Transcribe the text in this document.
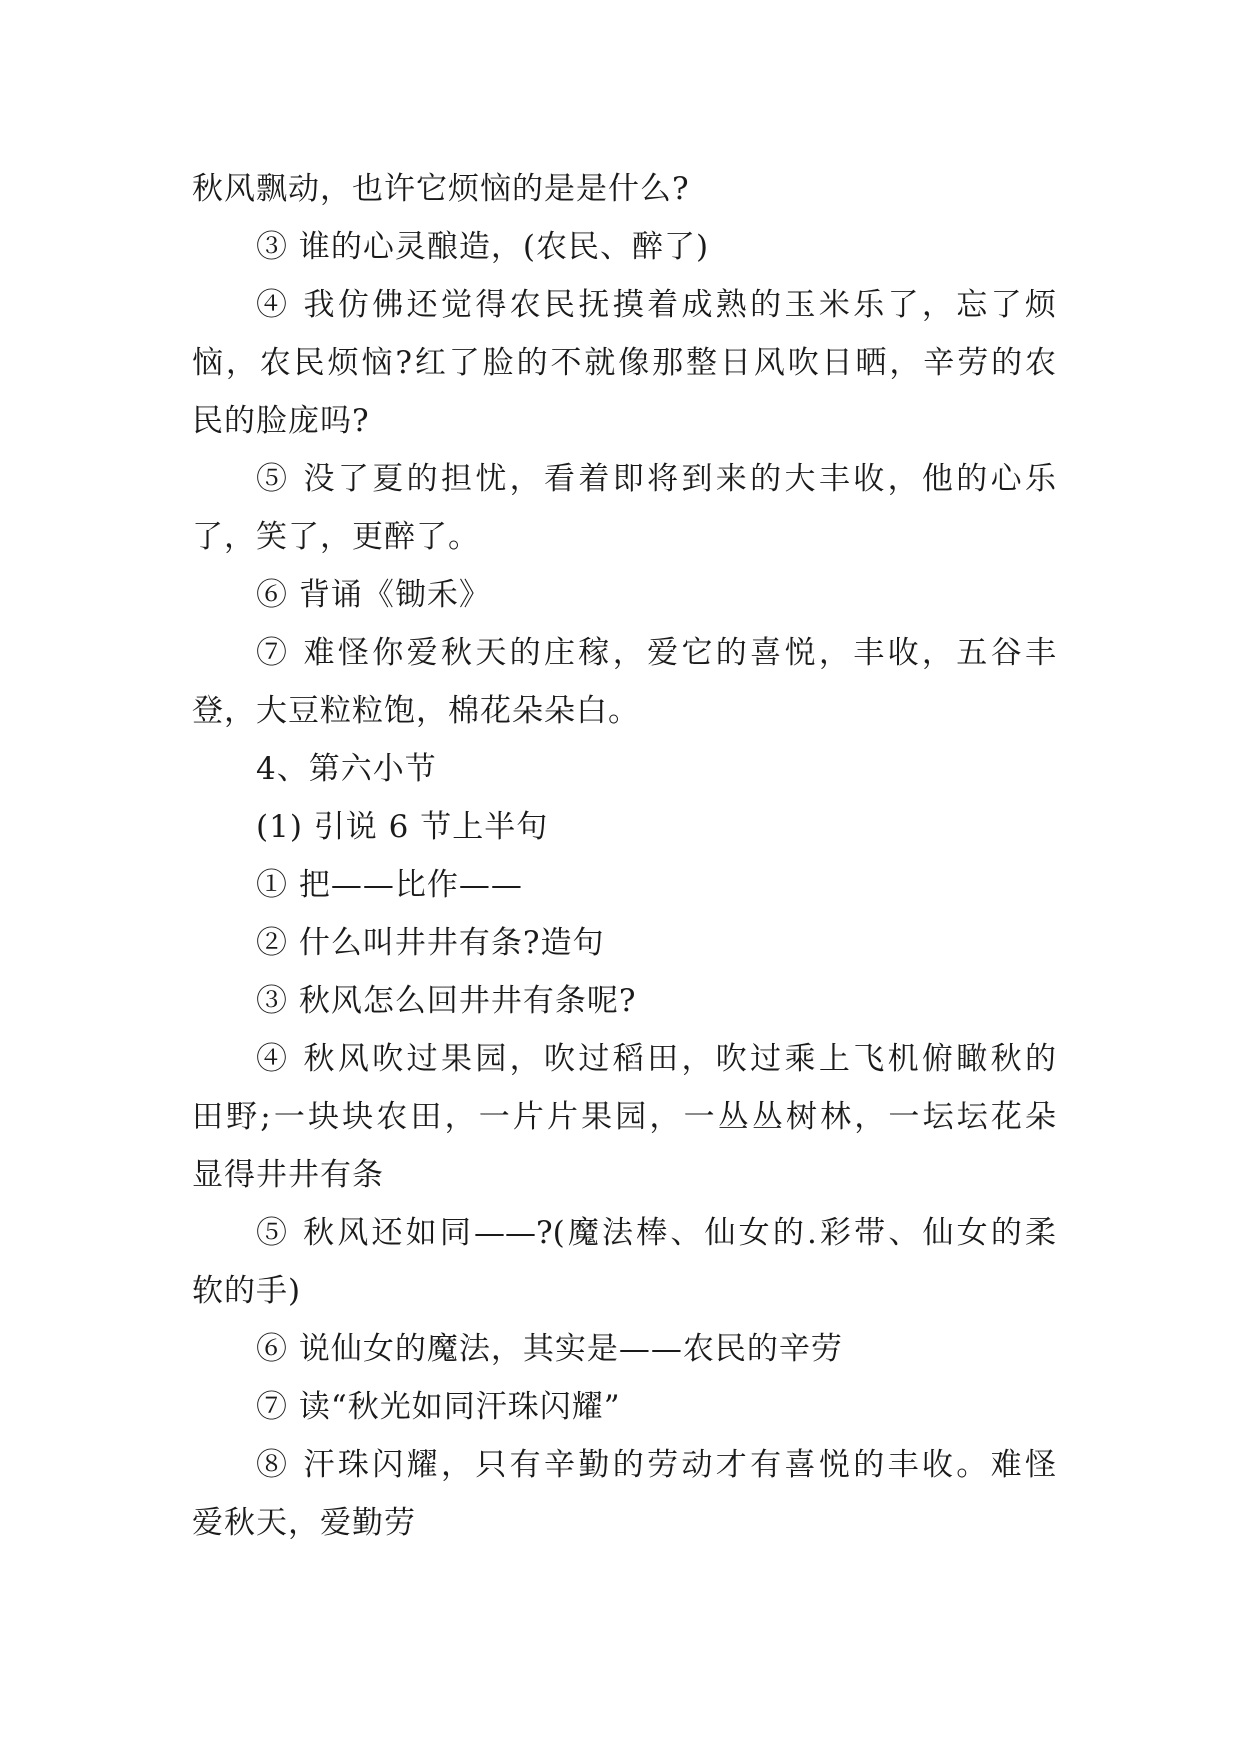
秋风飘动，也许它烦恼的是是什么?
③ 谁的心灵酿造，(农民、醉了)
④ 我仿佛还觉得农民抚摸着成熟的玉米乐了，忘了烦
恼，农民烦恼?红了脸的不就像那整日风吹日晒，辛劳的农
民的脸庞吗?
⑤ 没了夏的担忧，看着即将到来的大丰收，他的心乐
了，笑了，更醉了。
⑥ 背诵《锄禾》
⑦ 难怪你爱秋天的庄稼，爱它的喜悦，丰收，五谷丰
登，大豆粒粒饱，棉花朵朵白。
4、第六小节
(1) 引说 6 节上半句
① 把——比作——
② 什么叫井井有条?造句
③ 秋风怎么回井井有条呢?
④ 秋风吹过果园，吹过稻田，吹过乘上飞机俯瞰秋的
田野;一块块农田，一片片果园，一丛丛树林，一坛坛花朵
显得井井有条
⑤ 秋风还如同——?(魔法棒、仙女的.彩带、仙女的柔
软的手)
⑥ 说仙女的魔法，其实是——农民的辛劳
⑦ 读“秋光如同汗珠闪耀”
⑧ 汗珠闪耀，只有辛勤的劳动才有喜悦的丰收。难怪
爱秋天，爱勤劳
